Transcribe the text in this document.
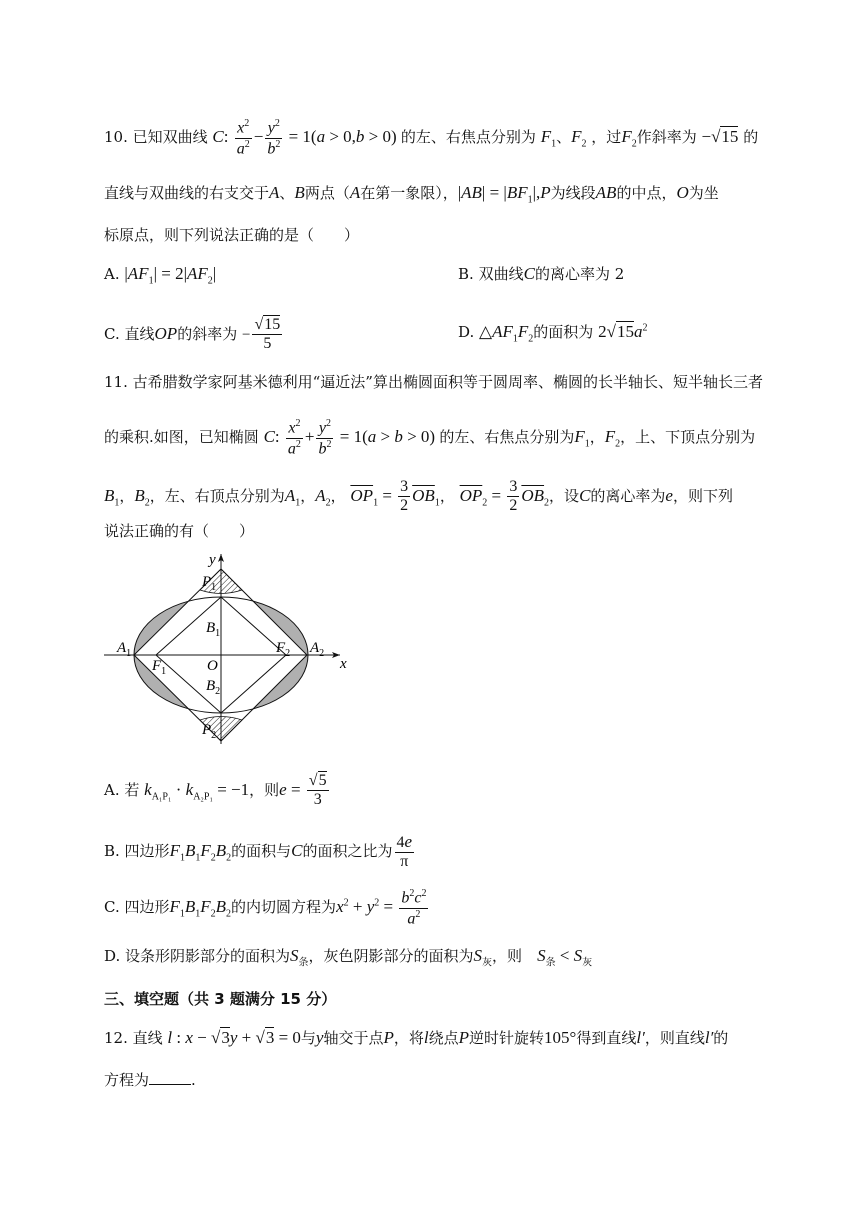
10. 已知双曲线 C: $\frac{x^2}{a^2} - \frac{y^2}{b^2} = 1(a > 0,b > 0)$ 的左、右焦点分别为 $F_1$、$F_2$ ，过$F_2$作斜率为 −√15 的
直线与双曲线的右支交于A、B两点（A在第一象限），$|AB| = |BF_1|,P$为线段AB的中点，O为坐
标原点，则下列说法正确的是（　　）
A. $|AF_1| = 2|AF_2|$	B. 双曲线C的离心率为 2
C. 直线OP的斜率为 − $\frac{√15}{5}$	D. $\triangle AF_1F_2$的面积为 $2√15a^2$
11. 古希腊数学家阿基米德利用“逼近法”算出椭圆面积等于圆周率、椭圆的长半轴长、短半轴长三者
的乘积.如图，已知椭圆 C: $\frac{x^2}{a^2} + \frac{y^2}{b^2} = 1(a > b > 0)$ 的左、右焦点分别为$F_1$，$F_2$，上、下顶点分别为
$B_1$，$B_2$，左、右顶点分别为$A_1$，$A_2$， $\overline{OP}_1 = \frac{3}{2} \overline{OB}_1$， $\overline{OP}_2 = \frac{3}{2} \overline{OB}_2$，设C的离心率为e，则下列
说法正确的有（　　）
y
x
$P_1$
$P_2$
$B_1$
$B_2$
$A_1$	$A_2$
$F_1$
$F_2$
O
A. 若 $k_{A_1P_1} \cdot k_{A_2P_1} = -1$，则$e = \frac{√5}{3}$
B. 四边形$F_1B_1F_2B_2$的面积与C的面积之比为 $\frac{4e}{\pi}$
C. 四边形$F_1B_1F_2B_2$的内切圆方程为$x^2 + y^2 = \frac{b^2c^2}{a^2}$
D. 设条形阴影部分的面积为$S_条$，灰色阴影部分的面积为$S_灰$，则　 $S_条 < S_灰$
三、填空题（共 3 题满分 15 分）
12. 直线 l : x − √3y + √3 = 0与y轴交于点P，将l绕点P逆时针旋转105°得到直线l′，则直线l′的
方程为	.
